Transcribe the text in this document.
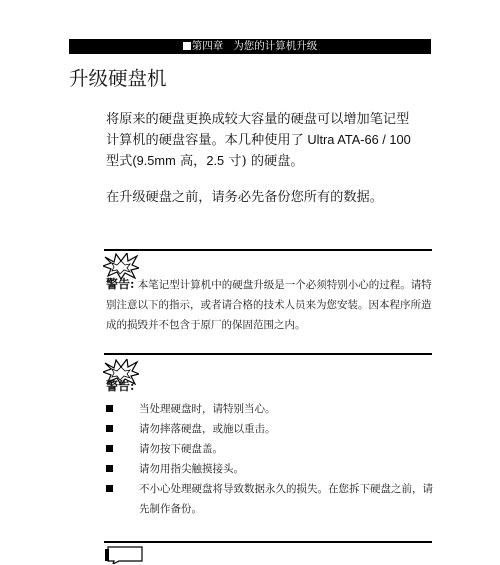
第四章 为您的计算机升级
升级硬盘机

将原来的硬盘更换成较大容量的硬盘可以增加笔记型
计算机的硬盘容量。本几种使用了 Ultra ATA-66 / 100
型式(9.5mm 高，2.5 寸) 的硬盘。

在升级硬盘之前，请务必先备份您所有的数据。

警告: 本笔记型计算机中的硬盘升级是一个必须特别小心的过程。请特别注意以下的指示，或者请合格的技术人员来为您安装。因本程序所造成的损毁并不包含于原厂的保固范围之内。
警告:
当处理硬盘时，请特别当心。
请勿摔落硬盘，或施以重击。
请勿按下硬盘盖。
请勿用指尖触摸接头。
不小心处理硬盘将导致数据永久的损失。在您拆下硬盘之前，请先制作备份。
